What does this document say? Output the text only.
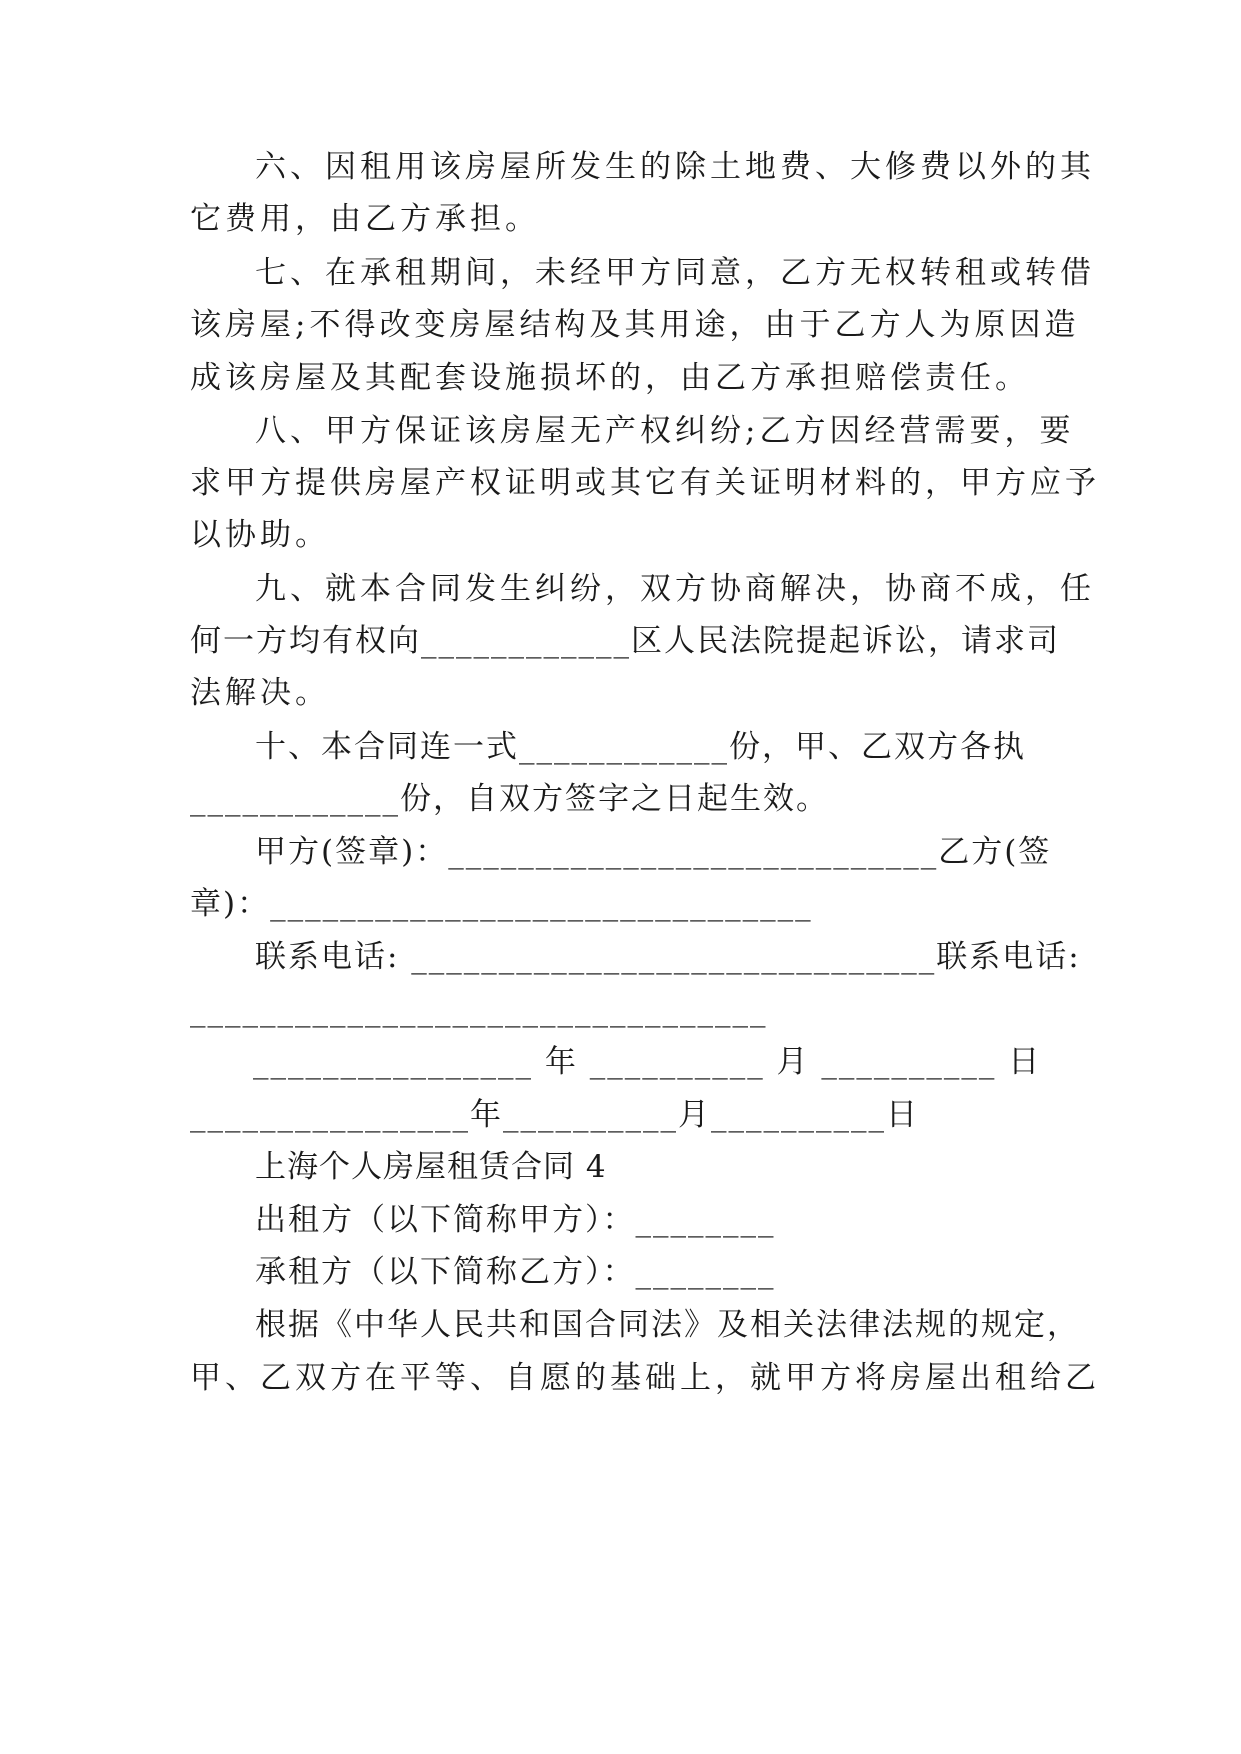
六、因租用该房屋所发生的除土地费、大修费以外的其
它费用，由乙方承担。
七、在承租期间，未经甲方同意，乙方无权转租或转借
该房屋;不得改变房屋结构及其用途，由于乙方人为原因造
成该房屋及其配套设施损坏的，由乙方承担赔偿责任。
八、甲方保证该房屋无产权纠纷;乙方因经营需要，要
求甲方提供房屋产权证明或其它有关证明材料的，甲方应予
以协助。
九、就本合同发生纠纷，双方协商解决，协商不成，任
何一方均有权向____________区人民法院提起诉讼，请求司
法解决。
十、本合同连一式____________份，甲、乙双方各执
____________份，自双方签字之日起生效。
甲方(签章)：____________________________乙方(签
章)：_______________________________
联系电话: ______________________________联系电话:
_________________________________
________________ 年 __________ 月 __________ 日
________________年__________月__________日
上海个人房屋租赁合同 4
出租方（以下简称甲方）：________
承租方（以下简称乙方）：________
根据《中华人民共和国合同法》及相关法律法规的规定，
甲、乙双方在平等、自愿的基础上，就甲方将房屋出租给乙
